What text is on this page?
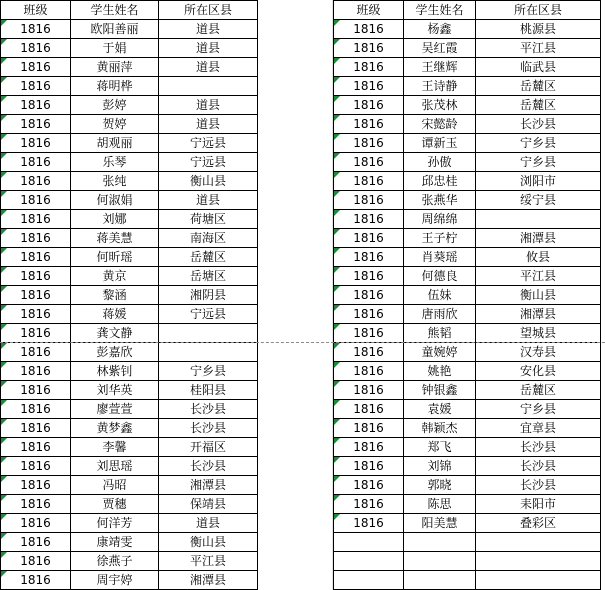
班级	学生姓名	所在区县

1816	欧阳善丽	道县

1816	于娟	道县

1816	黄丽萍	道县

1816	蒋明桦	

1816	彭婷	道县

1816	贺婷	道县

1816	胡观丽	宁远县

1816	乐琴	宁远县

1816	张纯	衡山县

1816	何淑娟	道县

1816	刘娜	荷塘区

1816	蒋美慧	南海区

1816	何昕瑶	岳麓区

1816	黄京	岳塘区

1816	黎涵	湘阴县

1816	蒋媛	宁远县

1816	龚文静	

1816	彭嘉欣	

1816	林紫钊	宁乡县

1816	刘华英	桂阳县

1816	廖萱萱	长沙县

1816	黄梦鑫	长沙县

1816	李馨	开福区

1816	刘思瑶	长沙县

1816	冯昭	湘潭县

1816	贾穗	保靖县

1816	何洋芳	道县

1816	康靖雯	衡山县

1816	徐燕子	平江县

1816	周宇婷	湘潭县
班级	学生姓名	所在区县

1816	杨鑫	桃源县

1816	吴红霞	平江县

1816	王继辉	临武县

1816	王诗静	岳麓区

1816	张茂林	岳麓区

1816	宋懿龄	长沙县

1816	谭新玉	宁乡县

1816	孙傲	宁乡县

1816	邱忠桂	浏阳市

1816	张燕华	绥宁县

1816	周绵绵	

1816	王子柠	湘潭县

1816	肖葵瑶	攸县

1816	何德良	平江县

1816	伍妹	衡山县

1816	唐雨欣	湘潭县

1816	熊韬	望城县

1816	童婉婷	汉寿县

1816	姚艳	安化县

1816	钟银鑫	岳麓区

1816	袁媛	宁乡县

1816	韩颖杰	宜章县

1816	郑飞	长沙县

1816	刘锦	长沙县

1816	郭晓	长沙县

1816	陈思	耒阳市

1816	阳美慧	叠彩区
